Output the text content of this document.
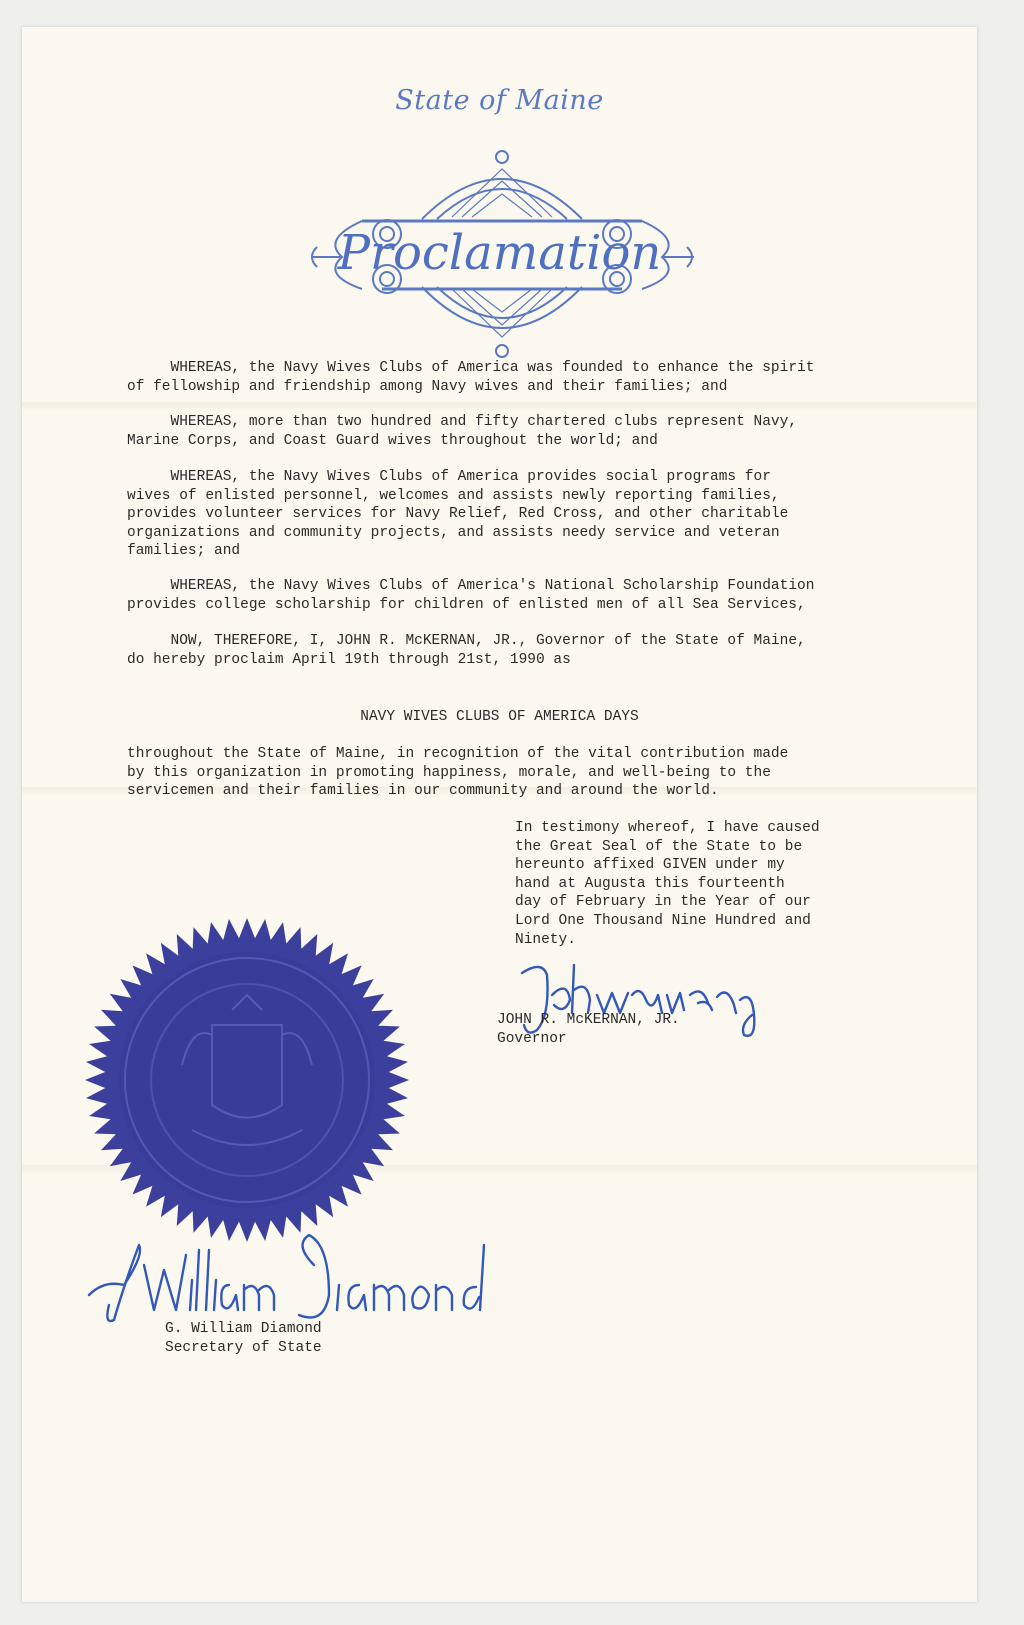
State of Maine
Proclamation
WHEREAS, the Navy Wives Clubs of America was founded to enhance the spirit
of fellowship and friendship among Navy wives and their families; and
WHEREAS, more than two hundred and fifty chartered clubs represent Navy,
Marine Corps, and Coast Guard wives throughout the world; and
WHEREAS, the Navy Wives Clubs of America provides social programs for
wives of enlisted personnel, welcomes and assists newly reporting families,
provides volunteer services for Navy Relief, Red Cross, and other charitable
organizations and community projects, and assists needy service and veteran
families; and
WHEREAS, the Navy Wives Clubs of America's National Scholarship Foundation
provides college scholarship for children of enlisted men of all Sea Services,
NOW, THEREFORE, I, JOHN R. McKERNAN, JR., Governor of the State of Maine,
do hereby proclaim April 19th through 21st, 1990 as
NAVY WIVES CLUBS OF AMERICA DAYS
throughout the State of Maine, in recognition of the vital contribution made
by this organization in promoting happiness, morale, and well-being to the
servicemen and their families in our community and around the world.
In testimony whereof, I have caused
the Great Seal of the State to be
hereunto affixed GIVEN under my
hand at Augusta this fourteenth
day of February in the Year of our
Lord One Thousand Nine Hundred and
Ninety.
JOHN R. McKERNAN, JR.
Governor
G. William Diamond
Secretary of State
